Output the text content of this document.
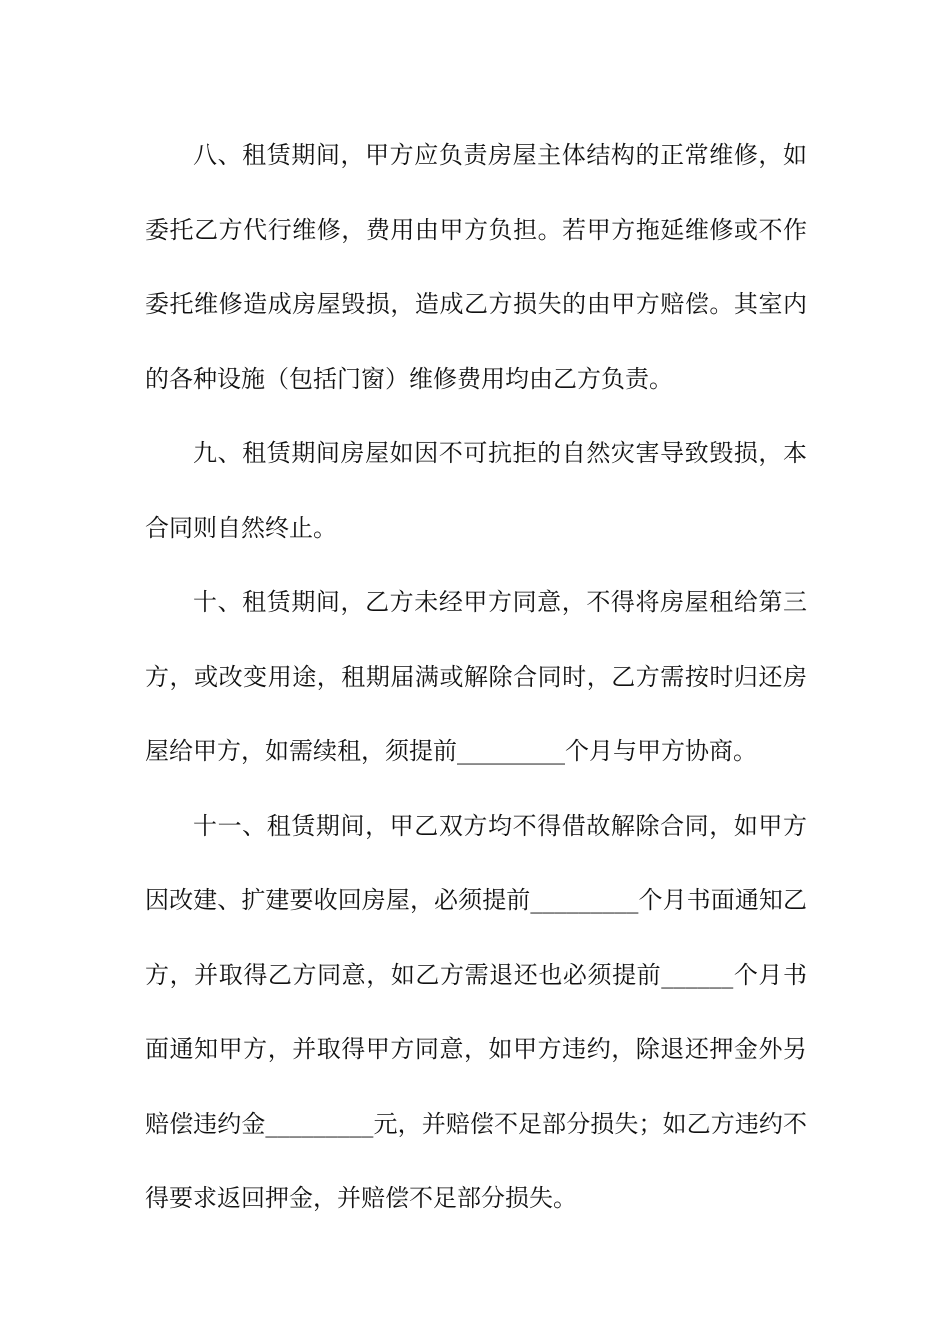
八、租赁期间，甲方应负责房屋主体结构的正常维修，如
委托乙方代行维修，费用由甲方负担。若甲方拖延维修或不作
委托维修造成房屋毁损，造成乙方损失的由甲方赔偿。其室内
的各种设施（包括门窗）维修费用均由乙方负责。
九、租赁期间房屋如因不可抗拒的自然灾害导致毁损，本
合同则自然终止。
十、租赁期间，乙方未经甲方同意，不得将房屋租给第三
方，或改变用途，租期届满或解除合同时，乙方需按时归还房
屋给甲方，如需续租，须提前_________个月与甲方协商。
十一、租赁期间，甲乙双方均不得借故解除合同，如甲方
因改建、扩建要收回房屋，必须提前_________个月书面通知乙
方，并取得乙方同意，如乙方需退还也必须提前______个月书
面通知甲方，并取得甲方同意，如甲方违约，除退还押金外另
赔偿违约金_________元，并赔偿不足部分损失；如乙方违约不
得要求返回押金，并赔偿不足部分损失。
